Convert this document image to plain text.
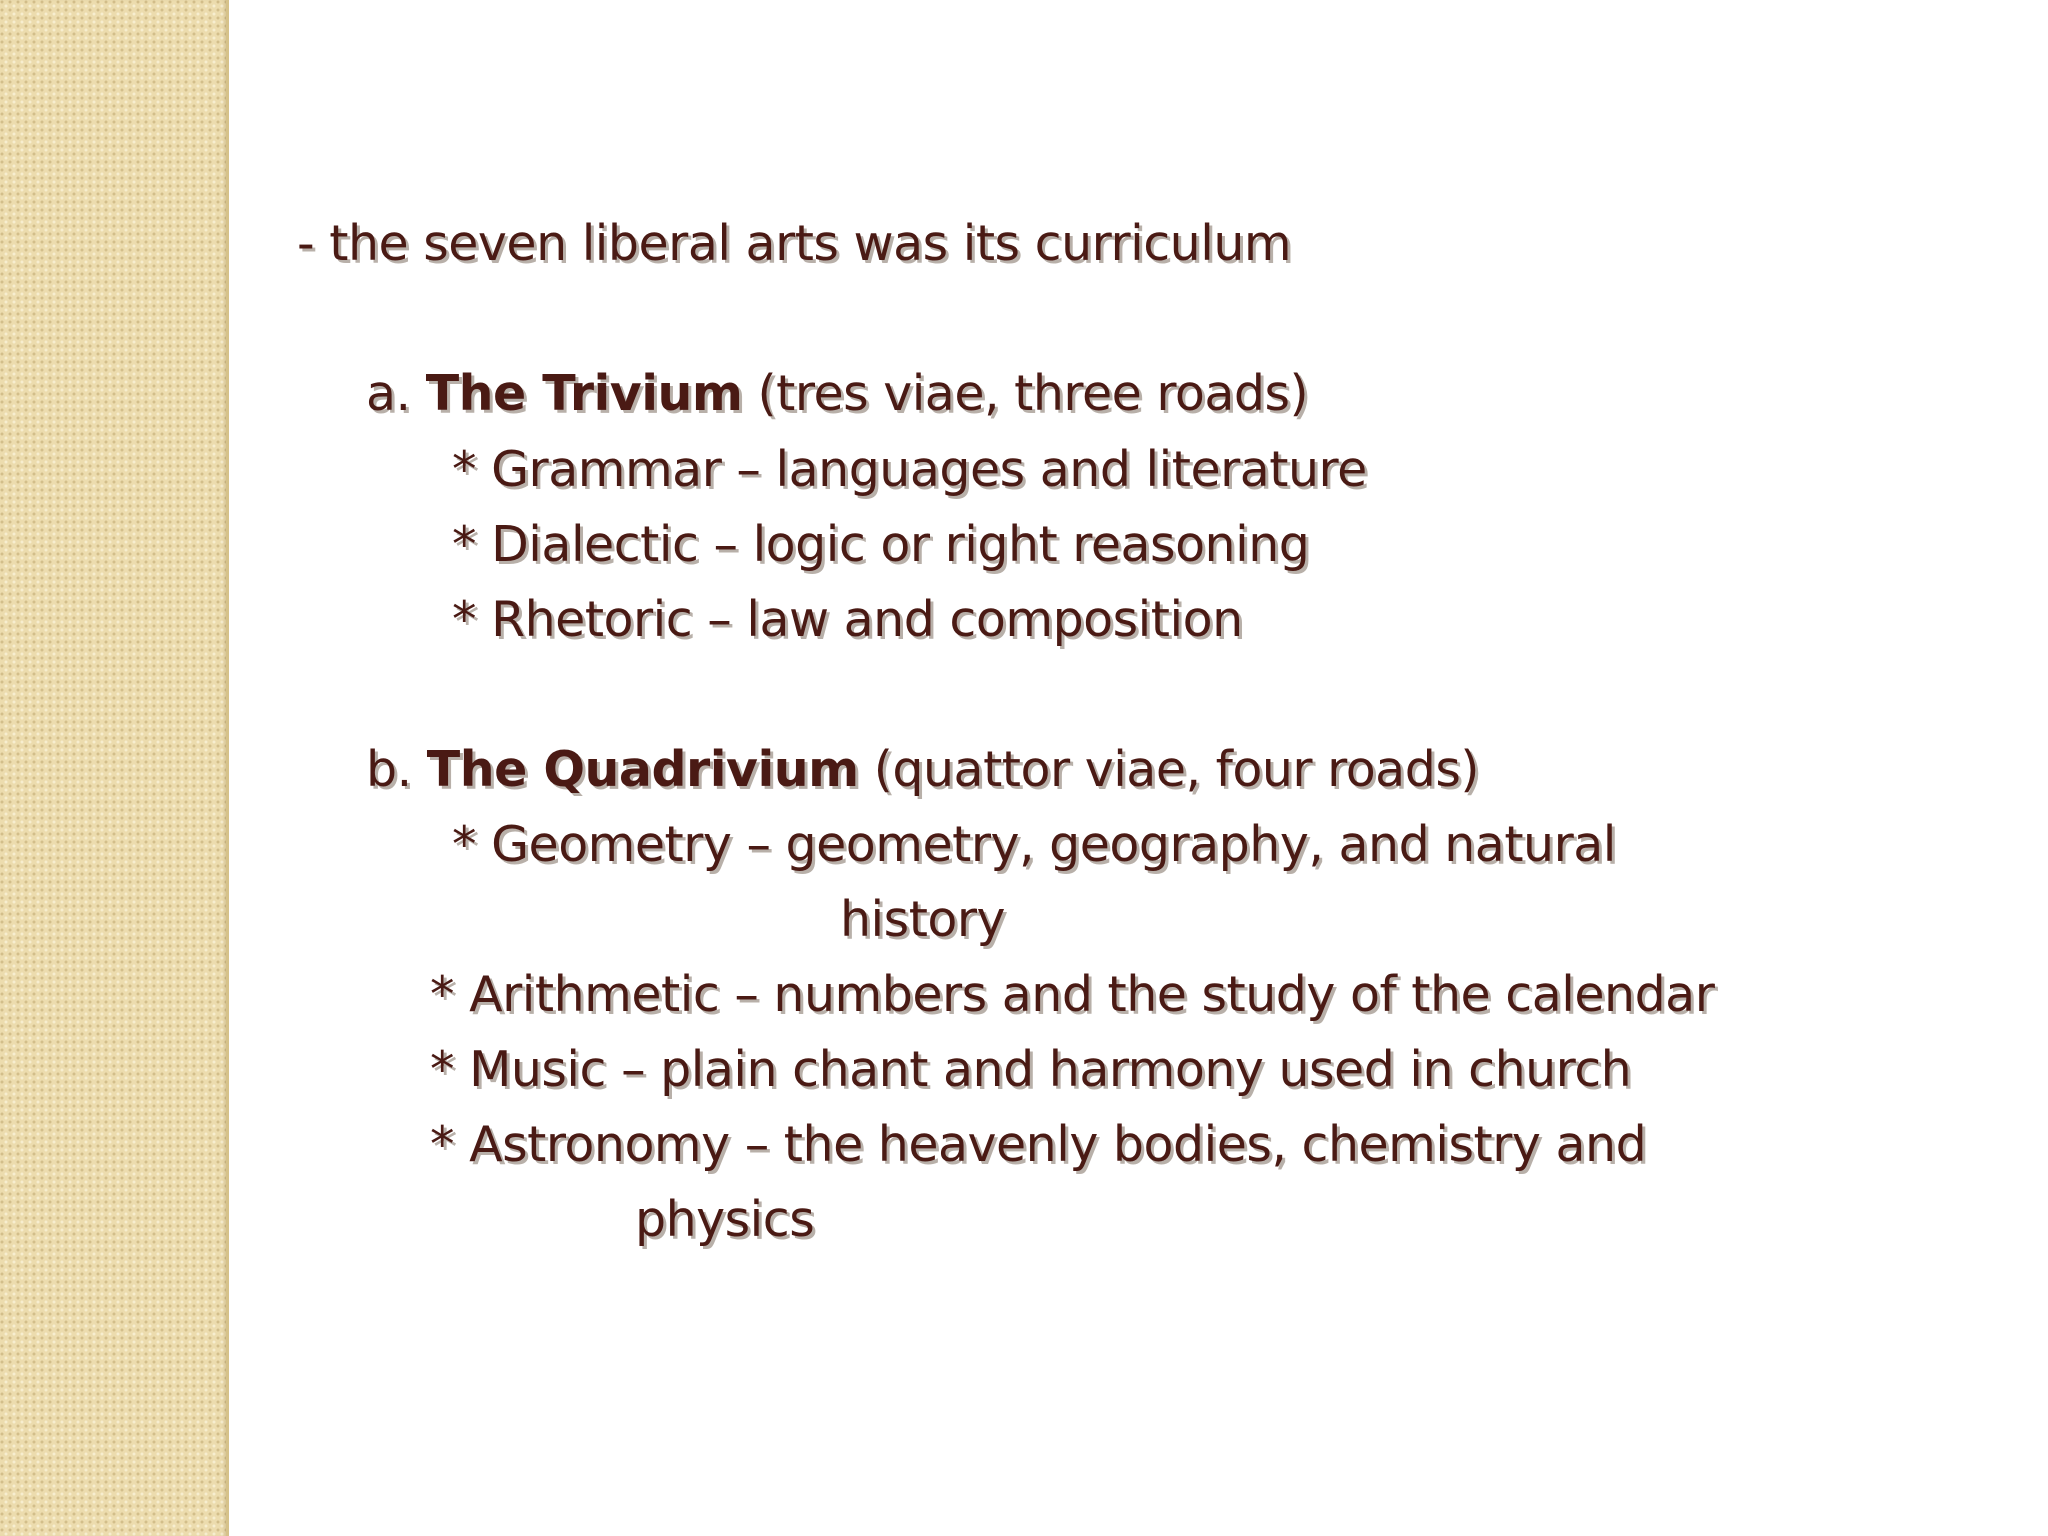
- the seven liberal arts was its curriculum
a. The Trivium (tres viae, three roads)
* Grammar – languages and literature
* Dialectic – logic or right reasoning
* Rhetoric – law and composition
b. The Quadrivium (quattor viae, four roads)
* Geometry – geometry, geography, and natural
history
* Arithmetic – numbers and the study of the calendar
* Music – plain chant and harmony used in church
* Astronomy – the heavenly bodies, chemistry and
physics
